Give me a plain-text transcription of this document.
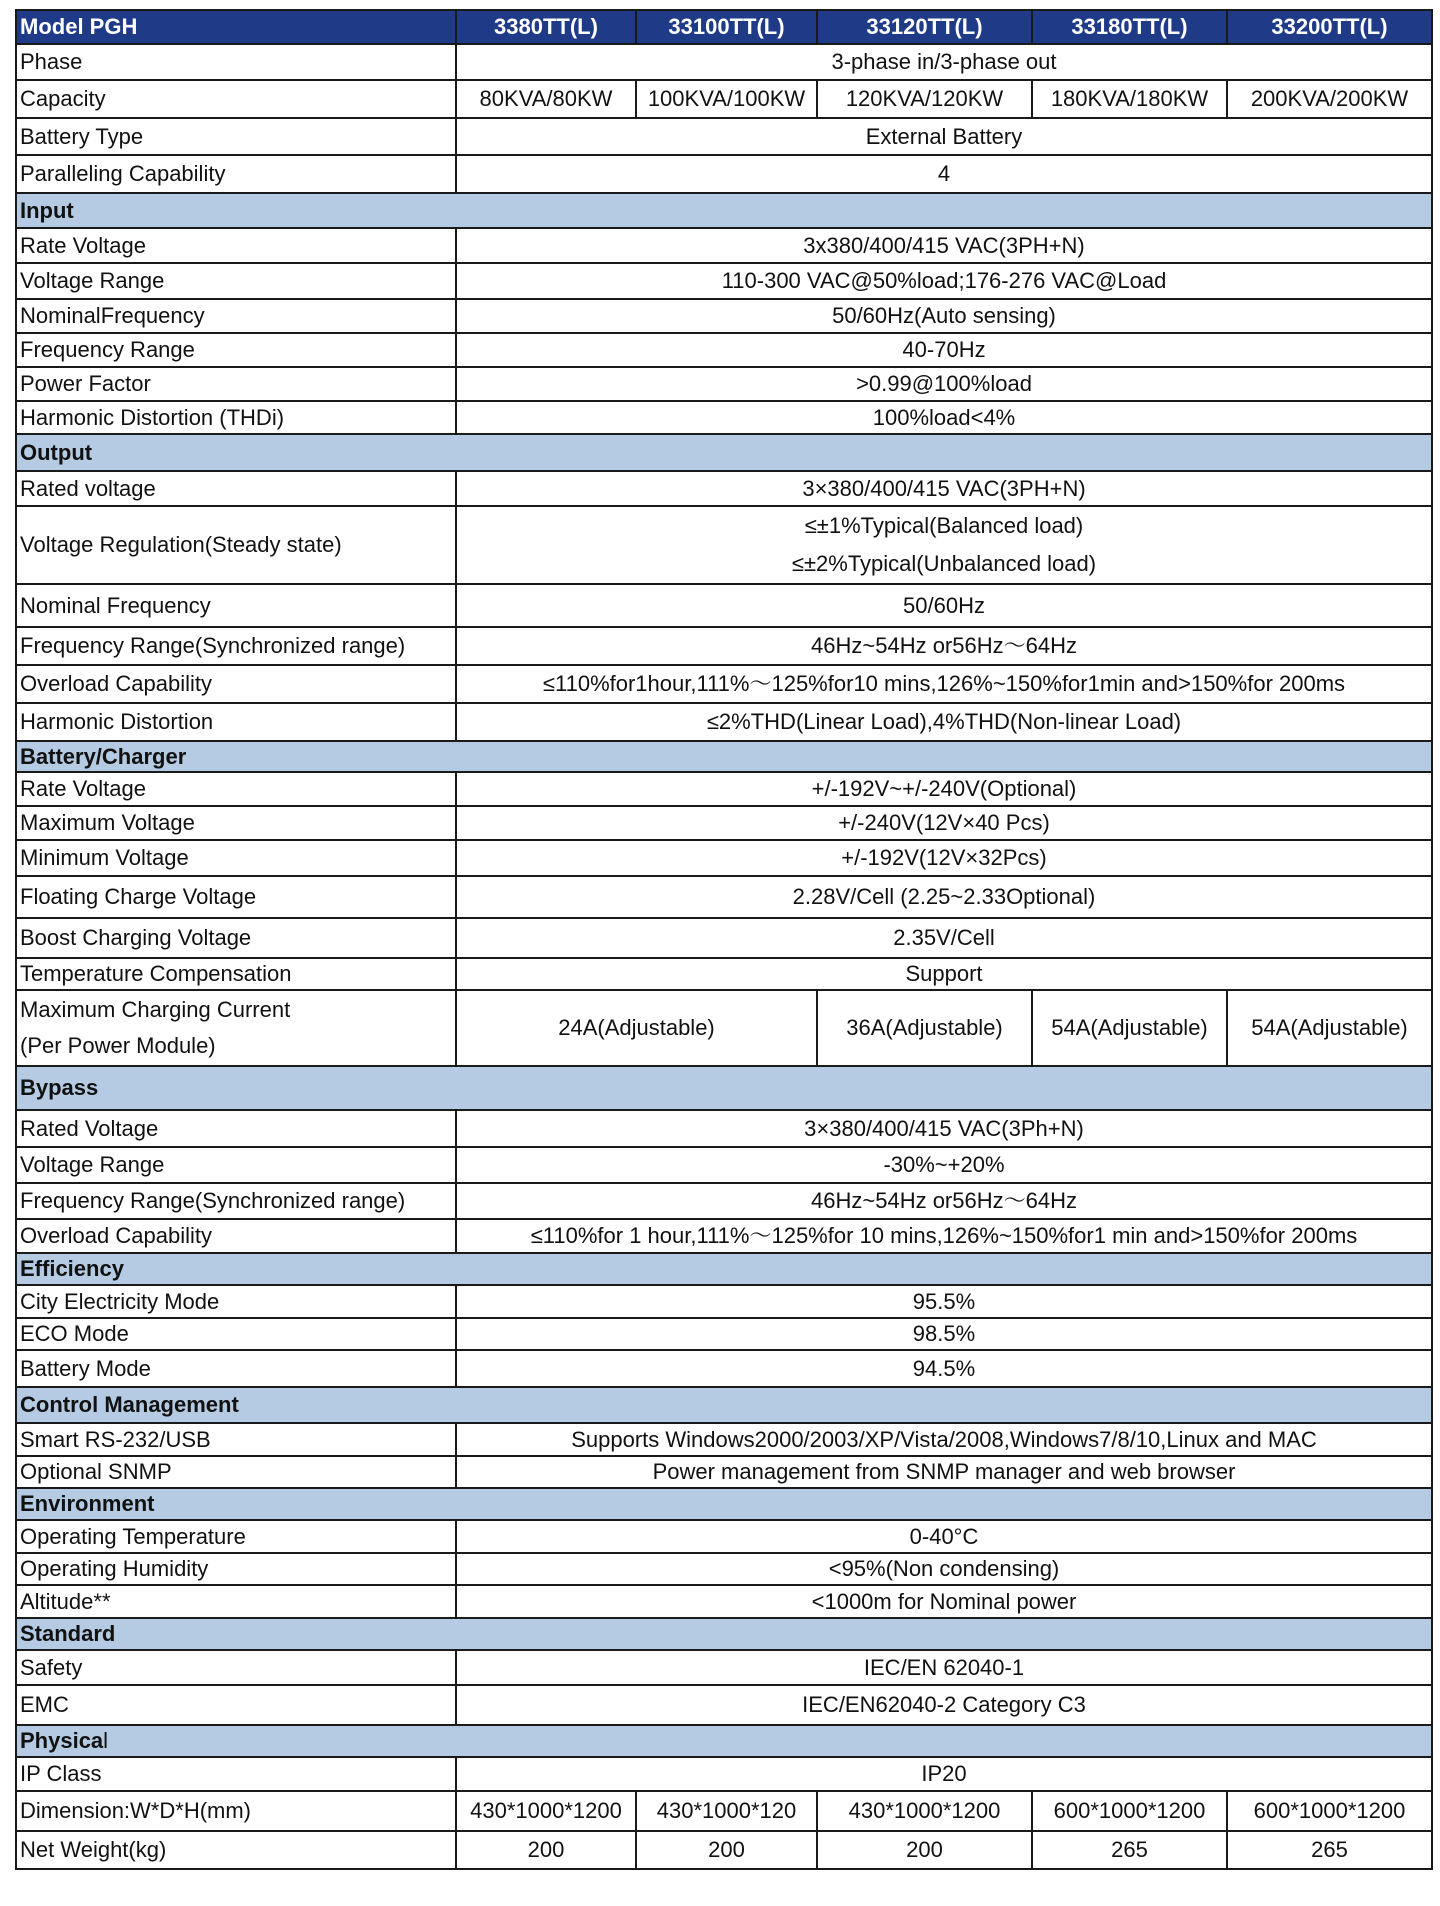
Model PGH	3380TT(L)	33100TT(L)	33120TT(L)	33180TT(L)	33200TT(L)
Phase	3-phase in/3-phase out				
Capacity	80KVA/80KW	100KVA/100KW	120KVA/120KW	180KVA/180KW	200KVA/200KW
Battery Type	External Battery				
Paralleling Capability	4				
Input					
Rate Voltage	3x380/400/415 VAC(3PH+N)				
Voltage Range	110-300 VAC@50%load;176-276 VAC@Load				
NominalFrequency	50/60Hz(Auto sensing)				
Frequency Range	40-70Hz				
Power Factor	>0.99@100%load				
Harmonic Distortion (THDi)	100%load<4%				
Output					
Rated voltage	3×380/400/415 VAC(3PH+N)				
Voltage Regulation(Steady state)	≤±1%Typical(Balanced load)
≤±2%Typical(Unbalanced load)				

Nominal Frequency	50/60Hz				
Frequency Range(Synchronized range)	46Hz~54Hz or56Hz～64Hz				
Overload Capability	≤110%for1hour,111%～125%for10 mins,126%~150%for1min and>150%for 200ms				
Harmonic Distortion	≤2%THD(Linear Load),4%THD(Non-linear Load)				
Battery/Charger					
Rate Voltage	+/-192V~+/-240V(Optional)				
Maximum Voltage	+/-240V(12V×40 Pcs)				
Minimum Voltage	+/-192V(12V×32Pcs)				
Floating Charge Voltage	2.28V/Cell (2.25~2.33Optional)				
Boost Charging Voltage	2.35V/Cell				
Temperature Compensation	Support				

Maximum Charging Current
(Per Power Module)	24A(Adjustable)		36A(Adjustable)	54A(Adjustable)	54A(Adjustable)
Bypass					
Rated Voltage	3×380/400/415 VAC(3Ph+N)				
Voltage Range	-30%~+20%				
Frequency Range(Synchronized range)	46Hz~54Hz or56Hz～64Hz				
Overload Capability	≤110%for 1 hour,111%～125%for 10 mins,126%~150%for1 min and>150%for 200ms				
Efficiency					
City Electricity Mode	95.5%				
ECO Mode	98.5%				
Battery Mode	94.5%				
Control Management					
Smart RS-232/USB	Supports Windows2000/2003/XP/Vista/2008,Windows7/8/10,Linux and MAC				
Optional SNMP	Power management from SNMP manager and web browser				
Environment					
Operating Temperature	0-40°C				
Operating Humidity	<95%(Non condensing)				
Altitude**	<1000m for Nominal power				
Standard					
Safety	IEC/EN 62040-1				
EMC	IEC/EN62040-2 Category C3				
Physical					
IP Class	IP20				
Dimension:W*D*H(mm)	430*1000*1200	430*1000*120	430*1000*1200	600*1000*1200	600*1000*1200
Net Weight(kg)	200	200	200	265	265
